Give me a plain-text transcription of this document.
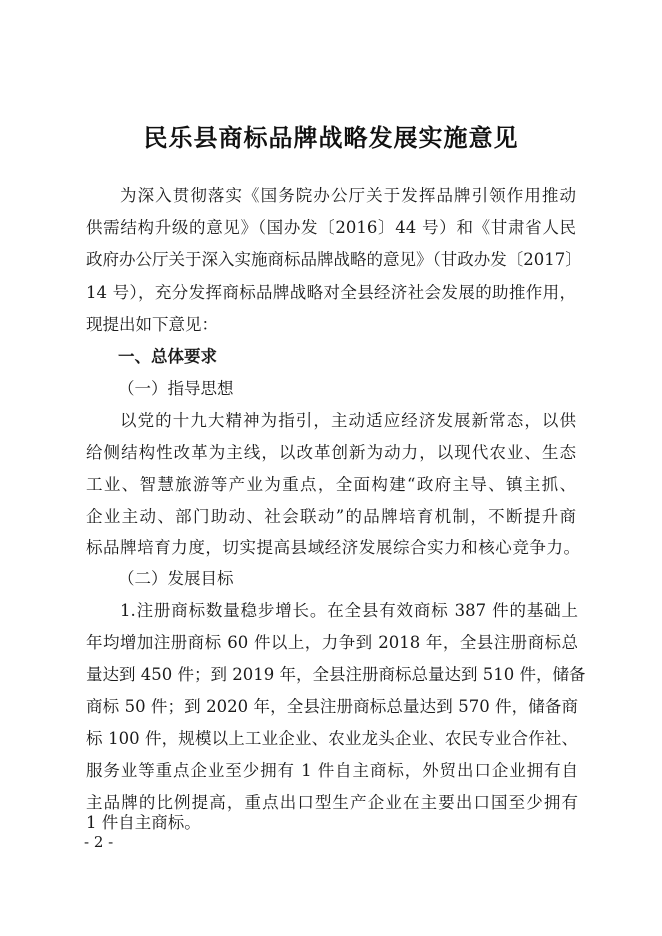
民乐县商标品牌战略发展实施意见
为深入贯彻落实《国务院办公厅关于发挥品牌引领作用推动
供需结构升级的意见》（国办发〔2016〕44 号）和《甘肃省人民
政府办公厅关于深入实施商标品牌战略的意见》（甘政办发〔2017〕
14 号），充分发挥商标品牌战略对全县经济社会发展的助推作用，
现提出如下意见：
一、总体要求
（一）指导思想
以党的十九大精神为指引，主动适应经济发展新常态，以供
给侧结构性改革为主线，以改革创新为动力，以现代农业、生态
工业、智慧旅游等产业为重点，全面构建“政府主导、镇主抓、
企业主动、部门助动、社会联动”的品牌培育机制，不断提升商
标品牌培育力度，切实提高县域经济发展综合实力和核心竞争力。
（二）发展目标
1.注册商标数量稳步增长。在全县有效商标 387 件的基础上
年均增加注册商标 60 件以上，力争到 2018 年，全县注册商标总
量达到 450 件；到 2019 年，全县注册商标总量达到 510 件，储备
商标 50 件；到 2020 年，全县注册商标总量达到 570 件，储备商
标 100 件，规模以上工业企业、农业龙头企业、农民专业合作社、
服务业等重点企业至少拥有 1 件自主商标，外贸出口企业拥有自
主品牌的比例提高，重点出口型生产企业在主要出口国至少拥有
1 件自主商标。
- 2 -
